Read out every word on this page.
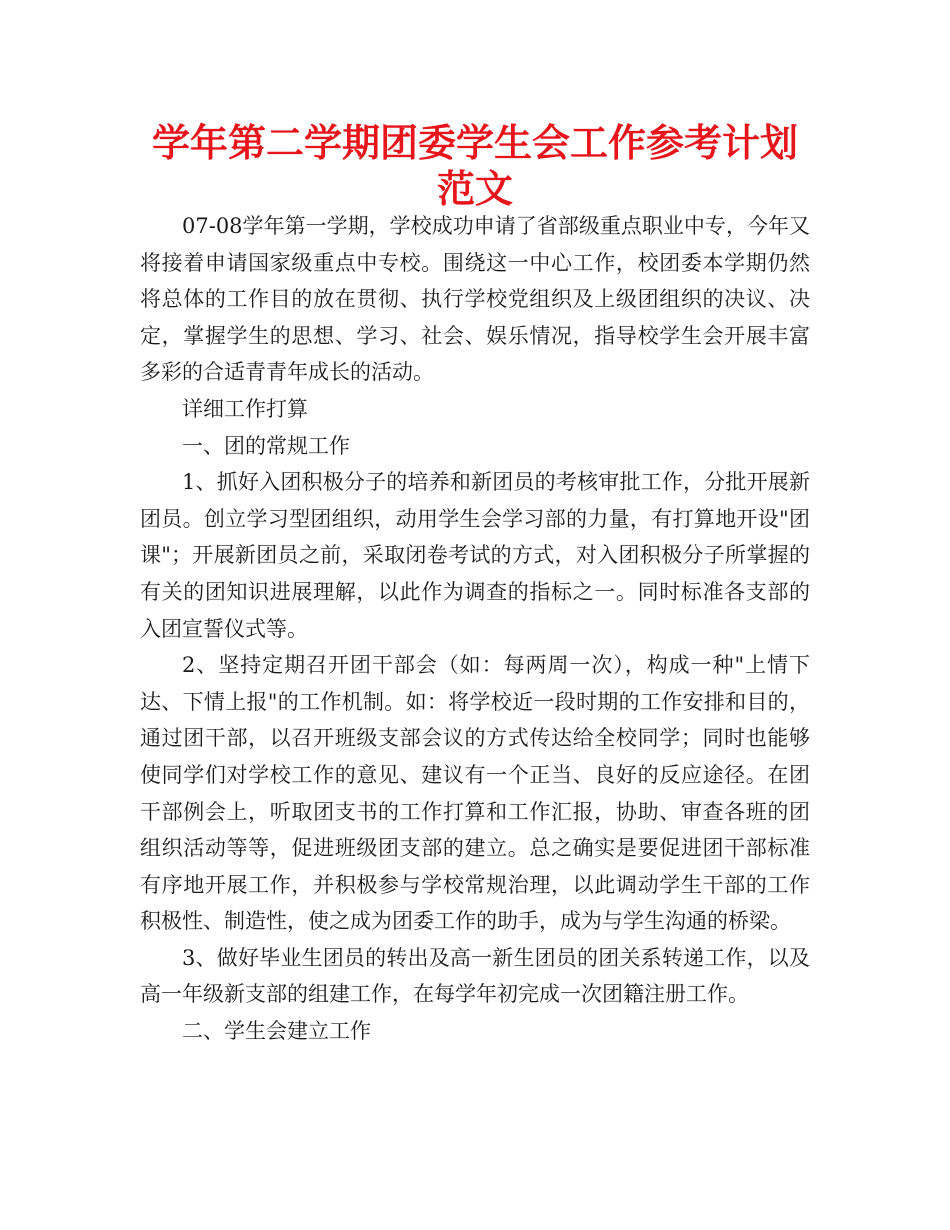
学年第二学期团委学生会工作参考计划范文

07-08学年第一学期，学校成功申请了省部级重点职业中专，今年又将接着申请国家级重点中专校。围绕这一中心工作，校团委本学期仍然将总体的工作目的放在贯彻、执行学校党组织及上级团组织的决议、决定，掌握学生的思想、学习、社会、娱乐情况，指导校学生会开展丰富多彩的合适青青年成长的活动。

详细工作打算

一、团的常规工作

1、抓好入团积极分子的培养和新团员的考核审批工作，分批开展新团员。创立学习型团组织，动用学生会学习部的力量，有打算地开设"团课"；开展新团员之前，采取闭卷考试的方式，对入团积极分子所掌握的有关的团知识进展理解，以此作为调查的指标之一。同时标准各支部的入团宣誓仪式等。

2、坚持定期召开团干部会（如：每两周一次），构成一种"上情下达、下情上报"的工作机制。如：将学校近一段时期的工作安排和目的，通过团干部，以召开班级支部会议的方式传达给全校同学；同时也能够使同学们对学校工作的意见、建议有一个正当、良好的反应途径。在团干部例会上，听取团支书的工作打算和工作汇报，协助、审查各班的团组织活动等等，促进班级团支部的建立。总之确实是要促进团干部标准有序地开展工作，并积极参与学校常规治理，以此调动学生干部的工作积极性、制造性，使之成为团委工作的助手，成为与学生沟通的桥梁。

3、做好毕业生团员的转出及高一新生团员的团关系转递工作，以及高一年级新支部的组建工作，在每学年初完成一次团籍注册工作。

二、学生会建立工作
